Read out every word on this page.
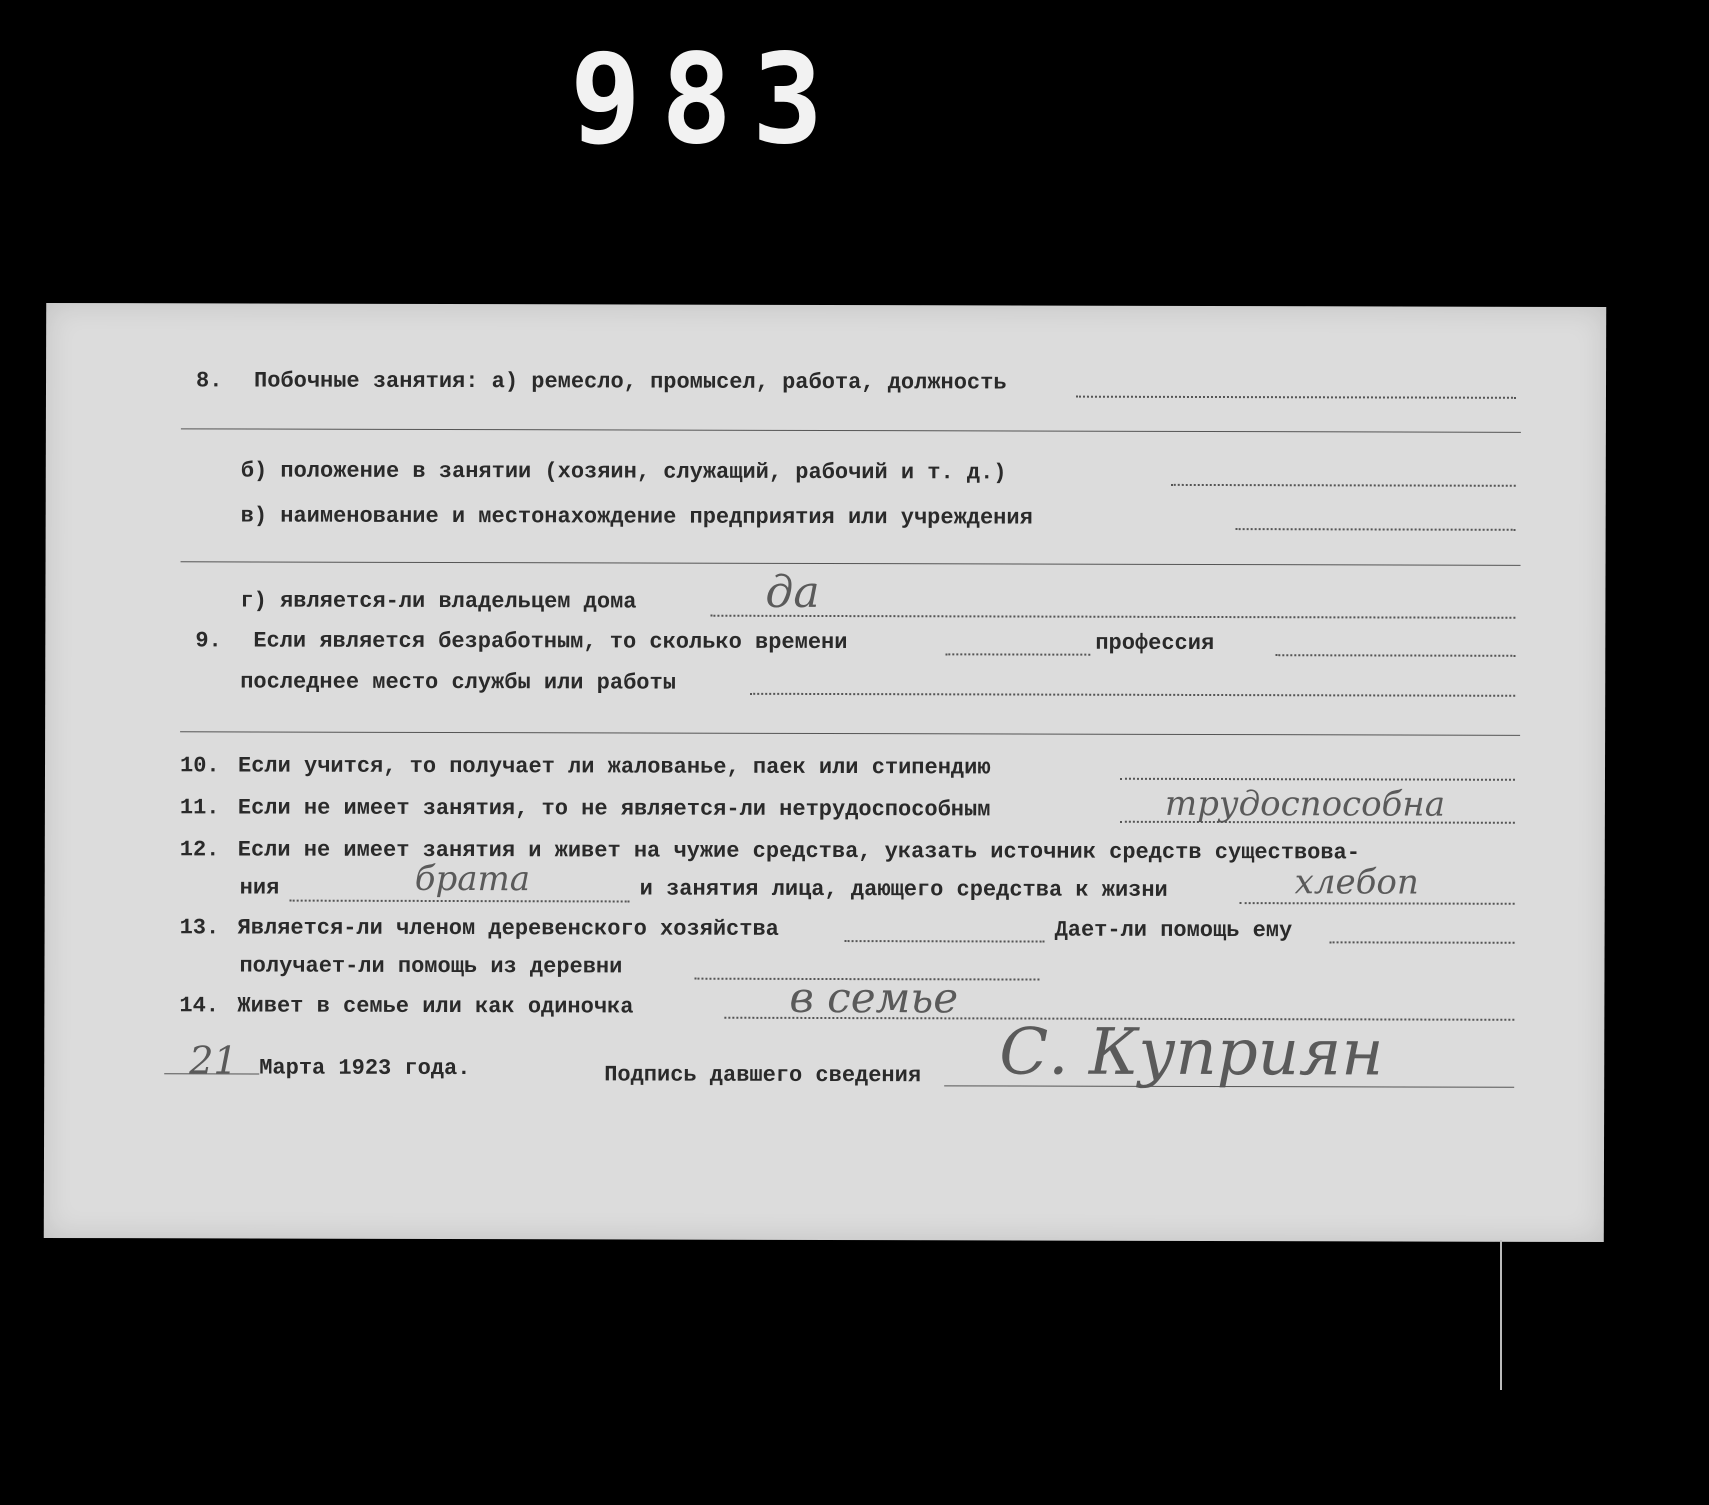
983
8. Побочные занятия: а) ремесло, промысел, работа, должность
б) положение в занятии (хозяин, служащий, рабочий и т. д.)
в) наименование и местонахождение предприятия или учреждения
г) является-ли владельцем дома	да
9. Если является безработным, то сколько времени	профессия
последнее место службы или работы
10. Если учится, то получает ли жалованье, паек или стипендию
11. Если не имеет занятия, то не является-ли нетрудоспособным	трудоспособна
12. Если не имеет занятия и живет на чужие средства, указать источник средств существова-
ния	брата	и занятия лица, дающего средства к жизни	хлебоп
13. Является-ли членом деревенского хозяйства	Дает-ли помощь ему
получает-ли помощь из деревни
14. Живет в семье или как одиночка	в семье
21 Марта 1923 года.	Подпись давшего сведения С. Куприян
